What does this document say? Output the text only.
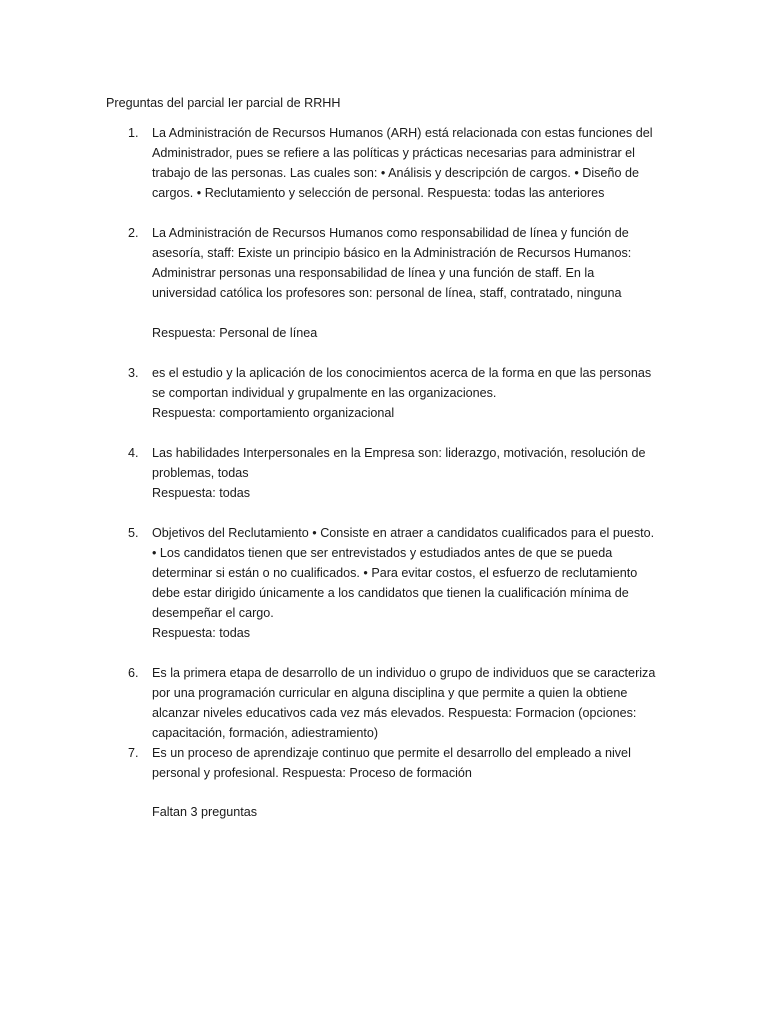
Preguntas del parcial Ier parcial de RRHH
1.	La Administración de Recursos Humanos (ARH) está relacionada con estas funciones del
Administrador, pues se refiere a las políticas y prácticas necesarias para administrar el
trabajo de las personas. Las cuales son: • Análisis y descripción de cargos. • Diseño de
cargos. • Reclutamiento y selección de personal. Respuesta: todas las anteriores
2.	La Administración de Recursos Humanos como responsabilidad de línea y función de
asesoría, staff: Existe un principio básico en la Administración de Recursos Humanos:
Administrar personas una responsabilidad de línea y una función de staff. En la
universidad católica los profesores son: personal de línea, staff, contratado, ninguna
Respuesta: Personal de línea
3.	es el estudio y la aplicación de los conocimientos acerca de la forma en que las personas
se comportan individual y grupalmente en las organizaciones.
Respuesta: comportamiento organizacional
4.	Las habilidades Interpersonales en la Empresa son: liderazgo, motivación, resolución de
problemas, todas
Respuesta: todas
5.	Objetivos del Reclutamiento • Consiste en atraer a candidatos cualificados para el puesto.
• Los candidatos tienen que ser entrevistados y estudiados antes de que se pueda
determinar si están o no cualificados. • Para evitar costos, el esfuerzo de reclutamiento
debe estar dirigido únicamente a los candidatos que tienen la cualificación mínima de
desempeñar el cargo.
Respuesta: todas
6.	Es la primera etapa de desarrollo de un individuo o grupo de individuos que se caracteriza
por una programación curricular en alguna disciplina y que permite a quien la obtiene
alcanzar niveles educativos cada vez más elevados. Respuesta: Formacion (opciones:
capacitación, formación, adiestramiento)
7.	Es un proceso de aprendizaje continuo que permite el desarrollo del empleado a nivel
personal y profesional. Respuesta: Proceso de formación
Faltan 3 preguntas
